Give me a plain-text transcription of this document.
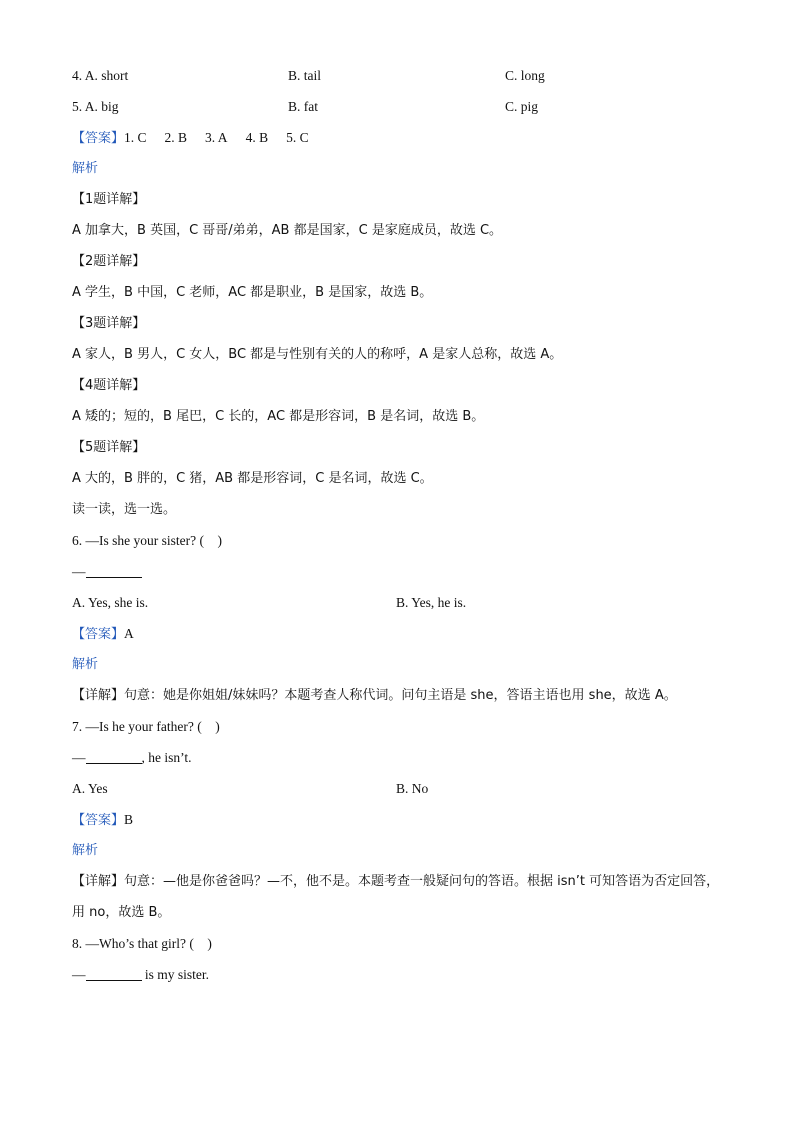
4. A. short	B. tail	C. long
5. A. big	B. fat	C. pig
【答案】1. C 2. B 3. A 4. B 5. C
解析
【1题详解】
A 加拿大，B 英国，C 哥哥/弟弟，AB 都是国家，C 是家庭成员，故选 C。
【2题详解】
A 学生，B 中国，C 老师，AC 都是职业，B 是国家，故选 B。
【3题详解】
A 家人，B 男人，C 女人，BC 都是与性别有关的人的称呼，A 是家人总称，故选 A。
【4题详解】
A 矮的；短的，B 尾巴，C 长的，AC 都是形容词，B 是名词，故选 B。
【5题详解】
A 大的，B 胖的，C 猪，AB 都是形容词，C 是名词，故选 C。
读一读，选一选。
6. —Is she your sister? (　)
—
A. Yes, she is.	B. Yes, he is.
【答案】A
解析
【详解】句意：她是你姐姐/妹妹吗？本题考查人称代词。问句主语是 she，答语主语也用 she，故选 A。
7. —Is he your father? (　)
—	, he isn’t.
A. Yes	B. No
【答案】B
解析
【详解】句意：—他是你爸爸吗？—不，他不是。本题考查一般疑问句的答语。根据 isn’t 可知答语为否定回答，用 no，故选 B。
8. —Who’s that girl? (　)
—	is my sister.
